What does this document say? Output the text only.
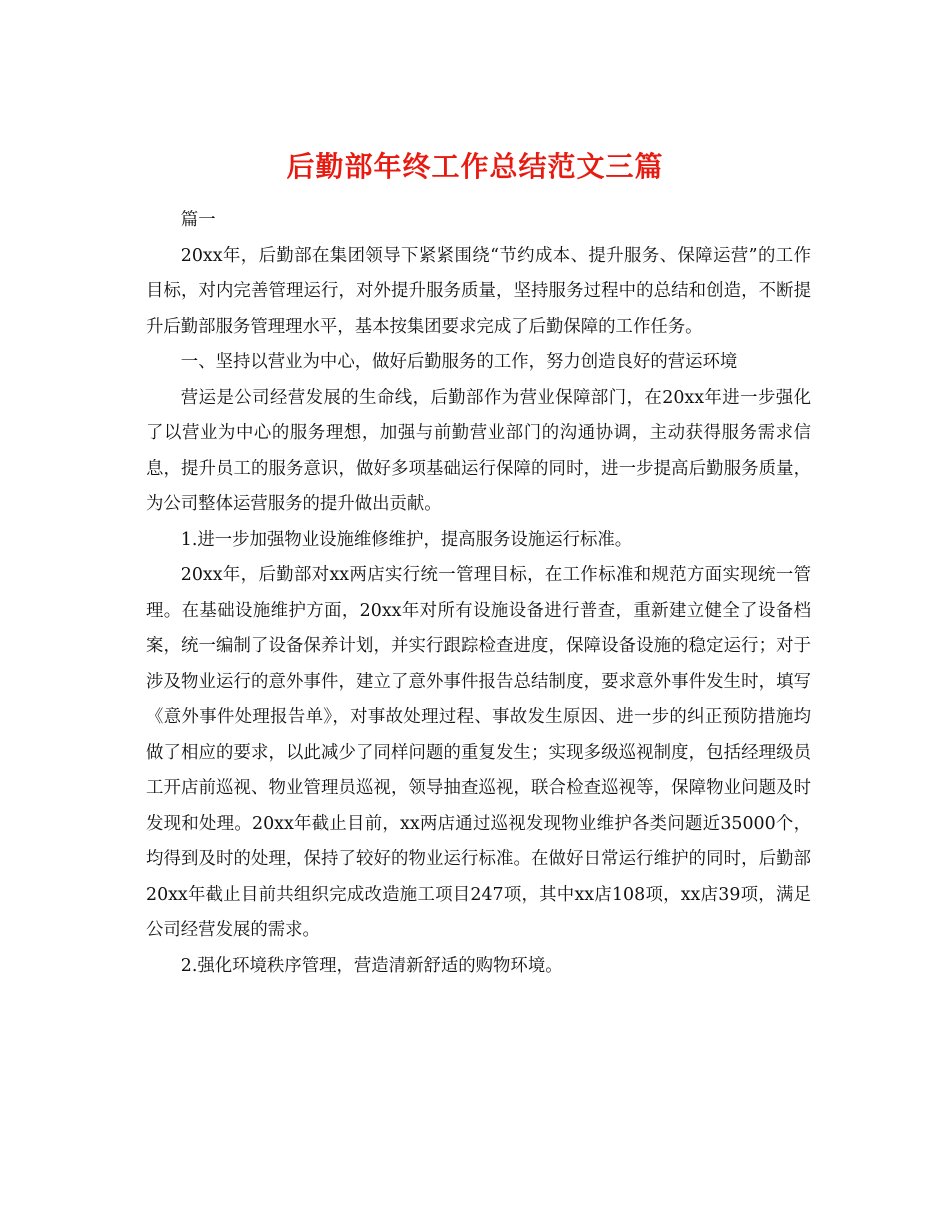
后勤部年终工作总结范文三篇

篇一

20xx年，后勤部在集团领导下紧紧围绕“节约成本、提升服务、保障运营”的工作目标，对内完善管理运行，对外提升服务质量，坚持服务过程中的总结和创造，不断提升后勤部服务管理理水平，基本按集团要求完成了后勤保障的工作任务。

一、坚持以营业为中心，做好后勤服务的工作，努力创造良好的营运环境

营运是公司经营发展的生命线，后勤部作为营业保障部门，在20xx年进一步强化了以营业为中心的服务理想，加强与前勤营业部门的沟通协调，主动获得服务需求信息，提升员工的服务意识，做好多项基础运行保障的同时，进一步提高后勤服务质量，为公司整体运营服务的提升做出贡献。

1.进一步加强物业设施维修维护，提高服务设施运行标准。

20xx年，后勤部对xx两店实行统一管理目标，在工作标准和规范方面实现统一管理。在基础设施维护方面，20xx年对所有设施设备进行普查，重新建立健全了设备档案，统一编制了设备保养计划，并实行跟踪检查进度，保障设备设施的稳定运行；对于涉及物业运行的意外事件，建立了意外事件报告总结制度，要求意外事件发生时，填写《意外事件处理报告单》，对事故处理过程、事故发生原因、进一步的纠正预防措施均做了相应的要求，以此减少了同样问题的重复发生；实现多级巡视制度，包括经理级员工开店前巡视、物业管理员巡视，领导抽查巡视，联合检查巡视等，保障物业问题及时发现和处理。20xx年截止目前，xx两店通过巡视发现物业维护各类问题近35000个，均得到及时的处理，保持了较好的物业运行标准。在做好日常运行维护的同时，后勤部20xx年截止目前共组织完成改造施工项目247项，其中xx店108项，xx店39项，满足公司经营发展的需求。

2.强化环境秩序管理，营造清新舒适的购物环境。
